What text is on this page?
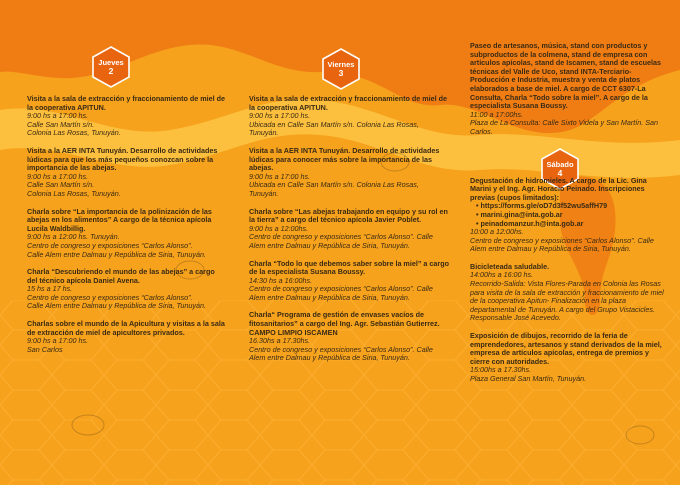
Jueves
2
Viernes
3
Sábado
4
Visita a la sala de extracción y fraccionamiento de miel de la cooperativa APITUN.
9:00 hs a 17:00 hs.
Calle San Martín s/n.
Colonia Las Rosas, Tunuyán.
Visita a la AER INTA Tunuyán. Desarrollo de actividades lúdicas para que los más pequeños conozcan sobre la importancia de las abejas.
9:00 hs a 17:00 hs.
Calle San Martín s/n.
Colonia Las Rosas, Tunuyán.
Charla sobre “La importancia de la polinización de las abejas en los alimentos” A cargo de la técnica apícola Lucila Waldbillig.
9:00 hs a 12:00 hs. Tunuyán.
Centro de congreso y exposiciones “Carlos Alonso”.
Calle Alem entre Dalmau y República de Siria, Tunuyán.
Charla “Descubriendo el mundo de las abejas” a cargo del técnico apícola Daniel Avena.
15 hs a 17 hs.
Centro de congreso y exposiciones “Carlos Alonso”.
Calle Alem entre Dalmau y República de Siria, Tunuyán.
Charlas sobre el mundo de la Apicultura y visitas a la sala de extracción de miel de apicultores privados.
9:00 hs a 17:00 hs.
San Carlos
Visita a la sala de extracción y fraccionamiento de miel de la cooperativa APITUN.
9:00 hs a 17:00 hs.
Ubicada en Calle San Martín s/n. Colonia Las Rosas, Tunuyán.
Visita a la AER INTA Tunuyán. Desarrollo de actividades lúdicas para conocer más sobre la importancia de las abejas.
9:00 hs a 17:00 hs.
Ubicada en Calle San Martín s/n. Colonia Las Rosas, Tunuyán.
Charla sobre “Las abejas trabajando en equipo y su rol en la tierra” a cargo del técnico apícola Javier Poblet.
9:00 hs a 12:00hs.
Centro de congreso y exposiciones “Carlos Alonso”. Calle Alem entre Dalmau y República de Siria, Tunuyán.
Charla “Todo lo que debemos saber sobre la miel” a cargo de la especialista Susana Boussy.
14:30 hs a 16:00hs.
Centro de congreso y exposiciones “Carlos Alonso”. Calle Alem entre Dalmau y República de Siria, Tunuyán.
Charla“ Programa de gestión de envases vacíos de fitosanitarios” a cargo del Ing. Agr. Sebastián Gutierrez. CAMPO LIMPIO ISCAMEN
16.30hs a 17.30hs.
Centro de congreso y exposiciones “Carlos Alonso”. Calle Alem entre Dalmau y República de Siria, Tunuyán.
Paseo de artesanos, música, stand con productos y subproductos de la colmena, stand de empresa con artículos apícolas, stand de Iscamen, stand de escuelas técnicas del Valle de Uco, stand INTA-Terciario-Producción e Industria, muestra y venta de platos elaborados a base de miel. A cargo de CCT 6307-La Consulta, Charla “Todo sobre la miel”. A cargo de la especialista Susana Boussy.
11:00 a 17:00hs.
Plaza de La Consulta: Calle Sixto Videla y San Martín. San Carlos.
Degustación de hidromieles. A cargo de la Lic. Gina Marini y el Ing. Agr. Horacio Peinado. Inscripciones previas (cupos limitados):
• https://forms.gle/oD7d3f52wu5affH79
• marini.gina@inta.gob.ar
• peinadomanzur.h@inta.gob.ar
10:00 a 12:00hs.
Centro de congreso y exposiciones “Carlos Alonso”. Calle Alem entre Dalmau y República de Siria, Tunuyán.
Bicicleteada saludable.
14:00hs a 16:00 hs.
Recorrido-Salida: Vista Flores-Parada en Colonia las Rosas para visita de la sala de extracción y fraccionamiento de miel de la cooperativa Apitun- Finalización en la plaza departamental de Tunuyán. A cargo del Grupo Vistacicles.
Responsable José Acevedo.
Exposición de dibujos, recorrido de la feria de emprendedores, artesanos y stand derivados de la miel, empresa de artículos apícolas, entrega de premios y cierre con autoridades.
15:00hs a 17.30hs.
Plaza General San Martín, Tunuyán.
